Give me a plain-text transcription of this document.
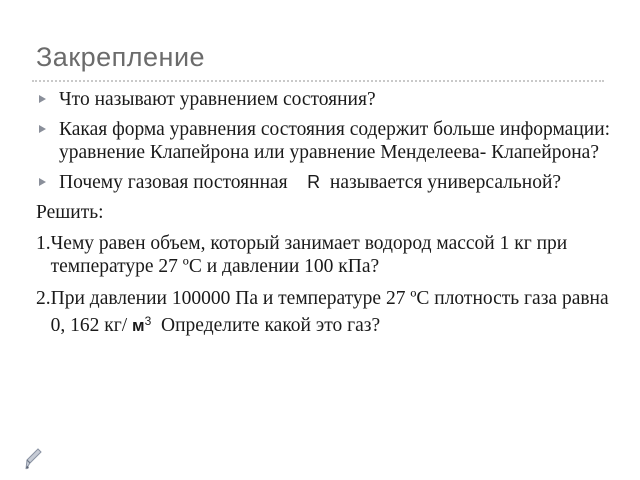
Закрепление
Что называют уравнением состояния?
Какая форма уравнения состояния содержит больше информации: уравнение Клапейрона или уравнение Менделеева- Клапейрона?
Почему газовая постоянная R называется универсальной?
Решить:
1. Чему равен объем, который занимает водород массой 1 кг при температуре 27 ºС и давлении 100 кПа?
2. При давлении 100000 Па и температуре 27 ºС плотность газа равна 0, 162 кг/ $м^3$ Определите какой это газ?
